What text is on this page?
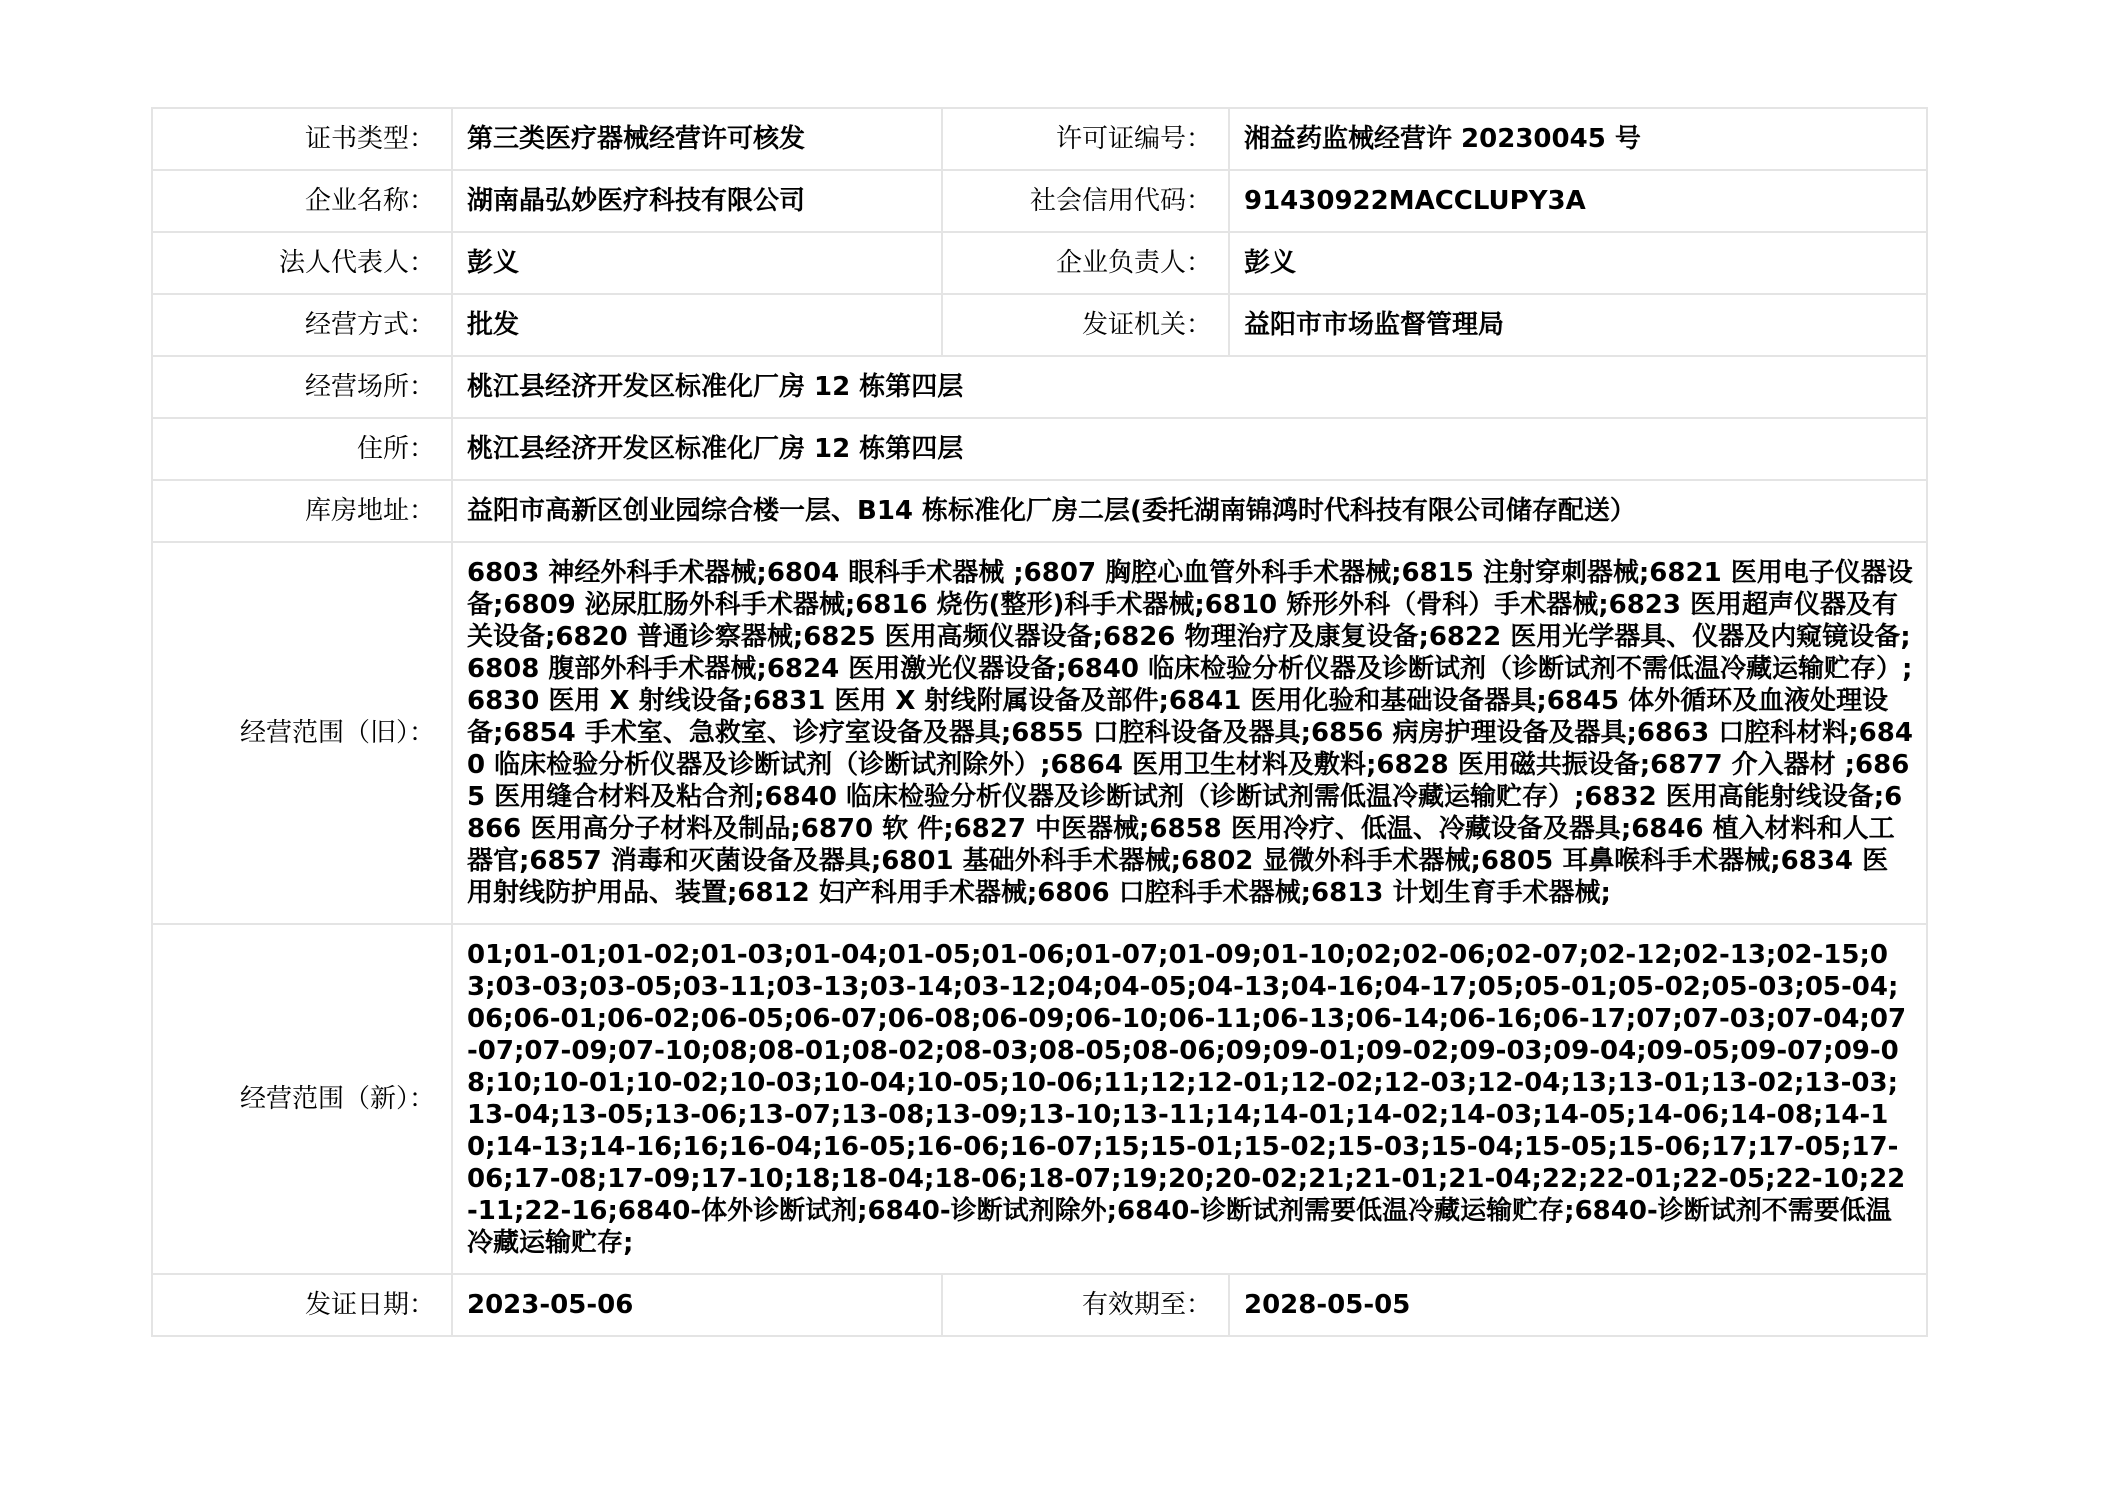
证书类型：	第三类医疗器械经营许可核发	许可证编号：	湘益药监械经营许 20230045 号
企业名称：	湖南晶弘妙医疗科技有限公司	社会信用代码：	91430922MACCLUPY3A
法人代表人：	彭义	企业负责人：	彭义
经营方式：	批发	发证机关：	益阳市市场监督管理局
经营场所：	桃江县经济开发区标准化厂房 12 栋第四层		
住所：	桃江县经济开发区标准化厂房 12 栋第四层		
库房地址：	益阳市高新区创业园综合楼一层、B14 栋标准化厂房二层(委托湖南锦鸿时代科技有限公司储存配送）		
经营范围（旧）：	6803 神经外科手术器械;6804 眼科手术器械 ;6807 胸腔心血管外科手术器械;6815 注射穿刺器械;6821 医用电子仪器设备;6809 泌尿肛肠外科手术器械;6816 烧伤(整形)科手术器械;6810 矫形外科（骨科）手术器械;6823 医用超声仪器及有关设备;6820 普通诊察器械;6825 医用高频仪器设备;6826 物理治疗及康复设备;6822 医用光学器具、仪器及内窥镜设备;6808 腹部外科手术器械;6824 医用激光仪器设备;6840 临床检验分析仪器及诊断试剂（诊断试剂不需低温冷藏运输贮存）;6830 医用 X 射线设备;6831 医用 X 射线附属设备及部件;6841 医用化验和基础设备器具;6845 体外循环及血液处理设备;6854 手术室、急救室、诊疗室设备及器具;6855 口腔科设备及器具;6856 病房护理设备及器具;6863 口腔科材料;6840 临床检验分析仪器及诊断试剂（诊断试剂除外）;6864 医用卫生材料及敷料;6828 医用磁共振设备;6877 介入器材 ;6865 医用缝合材料及粘合剂;6840 临床检验分析仪器及诊断试剂（诊断试剂需低温冷藏运输贮存）;6832 医用高能射线设备;6866 医用高分子材料及制品;6870 软 件;6827 中医器械;6858 医用冷疗、低温、冷藏设备及器具;6846 植入材料和人工器官;6857 消毒和灭菌设备及器具;6801 基础外科手术器械;6802 显微外科手术器械;6805 耳鼻喉科手术器械;6834 医用射线防护用品、装置;6812 妇产科用手术器械;6806 口腔科手术器械;6813 计划生育手术器械;		
经营范围（新）：	01;01-01;01-02;01-03;01-04;01-05;01-06;01-07;01-09;01-10;02;02-06;02-07;02-12;02-13;02-15;03;03-03;03-05;03-11;03-13;03-14;03-12;04;04-05;04-13;04-16;04-17;05;05-01;05-02;05-03;05-04;06;06-01;06-02;06-05;06-07;06-08;06-09;06-10;06-11;06-13;06-14;06-16;06-17;07;07-03;07-04;07-07;07-09;07-10;08;08-01;08-02;08-03;08-05;08-06;09;09-01;09-02;09-03;09-04;09-05;09-07;09-08;10;10-01;10-02;10-03;10-04;10-05;10-06;11;12;12-01;12-02;12-03;12-04;13;13-01;13-02;13-03;13-04;13-05;13-06;13-07;13-08;13-09;13-10;13-11;14;14-01;14-02;14-03;14-05;14-06;14-08;14-10;14-13;14-16;16;16-04;16-05;16-06;16-07;15;15-01;15-02;15-03;15-04;15-05;15-06;17;17-05;17-06;17-08;17-09;17-10;18;18-04;18-06;18-07;19;20;20-02;21;21-01;21-04;22;22-01;22-05;22-10;22-11;22-16;6840-体外诊断试剂;6840-诊断试剂除外;6840-诊断试剂需要低温冷藏运输贮存;6840-诊断试剂不需要低温冷藏运输贮存;		
发证日期：	2023-05-06	有效期至：	2028-05-05
